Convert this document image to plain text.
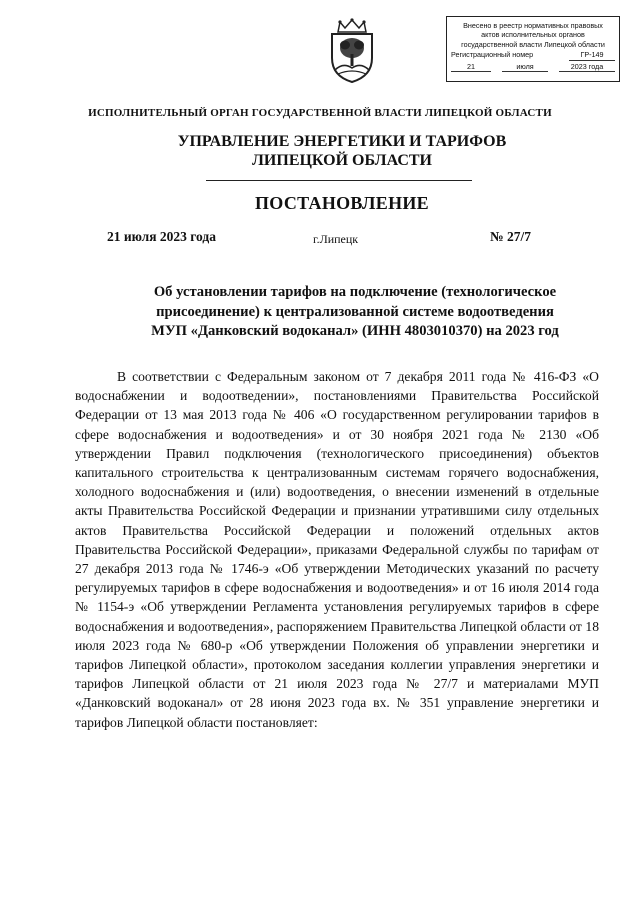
Внесено в реестр нормативных правовых
актов исполнительных органов
государственной власти Липецкой области
Регистрационный номер	ГР-149
21	июля	2023 года
ИСПОЛНИТЕЛЬНЫЙ ОРГАН ГОСУДАРСТВЕННОЙ ВЛАСТИ ЛИПЕЦКОЙ ОБЛАСТИ
УПРАВЛЕНИЕ ЭНЕРГЕТИКИ И ТАРИФОВ
ЛИПЕЦКОЙ ОБЛАСТИ
ПОСТАНОВЛЕНИЕ
21 июля 2023 года	г.Липецк	№ 27/7
Об установлении тарифов на подключение (технологическое
присоединение) к централизованной системе водоотведения
МУП «Данковский водоканал» (ИНН 4803010370) на 2023 год

В соответствии с Федеральным законом от 7 декабря 2011 года № 416-ФЗ «О водоснабжении и водоотведении», постановлениями Правительства Российской Федерации от 13 мая 2013 года № 406 «О государственном регулировании тарифов в сфере водоснабжения и водоотведения» и от 30 ноября 2021 года № 2130 «Об утверждении Правил подключения (технологического присоединения) объектов капитального строительства к централизованным системам горячего водоснабжения, холодного водоснабжения и (или) водоотведения, о внесении изменений в отдельные акты Правительства Российской Федерации и признании утратившими силу отдельных актов Правительства Российской Федерации и положений отдельных актов Правительства Российской Федерации», приказами Федеральной службы по тарифам от 27 декабря 2013 года № 1746-э «Об утверждении Методических указаний по расчету регулируемых тарифов в сфере водоснабжения и водоотведения» и от 16 июля 2014 года № 1154-э «Об утверждении Регламента установления регулируемых тарифов в сфере водоснабжения и водоотведения», распоряжением Правительства Липецкой области от 18 июля 2023 года № 680-р «Об утверждении Положения об управлении энергетики и тарифов Липецкой области», протоколом заседания коллегии управления энергетики и тарифов Липецкой области от 21 июля 2023 года № 27/7 и материалами МУП «Данковский водоканал» от 28 июня 2023 года вх. № 351 управление энергетики и тарифов Липецкой области постановляет:
